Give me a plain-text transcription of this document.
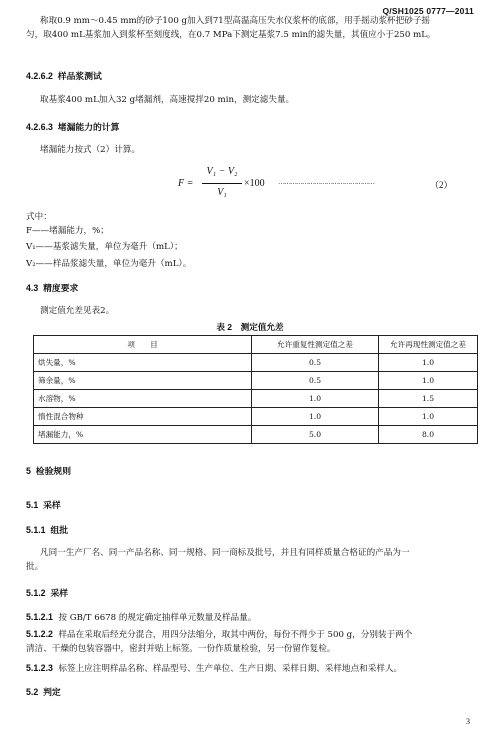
Q/SH1025 0777—2011
称取0.9 mm～0.45 mm的砂子100 g加入到71型高温高压失水仪浆杯的底部，用手摇动浆杯把砂子摇
匀，取400 mL基浆加入到浆杯至刻度线，在0.7 MPa下测定基浆7.5 min的滤失量，其值应小于250 mL。
4.2.6.2 样品浆测试
取基浆400 mL加入32 g堵漏剂，高速搅拌20 min，测定滤失量。
4.2.6.3 堵漏能力的计算
堵漏能力按式（2）计算。
F =
V₁ − V₂
V₁
×100 …………………………………………	（2）
式中：
F——堵漏能力，%；
V₁——基浆滤失量，单位为毫升（mL）；
V₂——样品浆滤失量，单位为毫升（mL）。
4.3 精度要求
测定值允差见表2。
表 2　测定值允差
项　　目	允许重复性测定值之差	允许再现性测定值之差
烘失量，%	0.5	1.0
筛余量，%	0.5	1.0
水溶物，%	1.0	1.5
惰性混合物种	1.0	1.0
堵漏能力，%	5.0	8.0
5 检验规则
5.1 采样
5.1.1 组批
凡同一生产厂名、同一产品名称、同一规格、同一商标及批号，并且有同样质量合格证的产品为一
批。
5.1.2 采样
5.1.2.1 按 GB/T 6678 的规定确定抽样单元数量及样品量。
5.1.2.2 样品在采取后经充分混合，用四分法缩分，取其中两份，每份不得少于 500 g，分别装于两个
清洁、干燥的包装容器中，密封并贴上标签。一份作质量检验，另一份留作复检。
5.1.2.3 标签上应注明样品名称、样品型号、生产单位、生产日期、采样日期、采样地点和采样人。
5.2 判定
3
